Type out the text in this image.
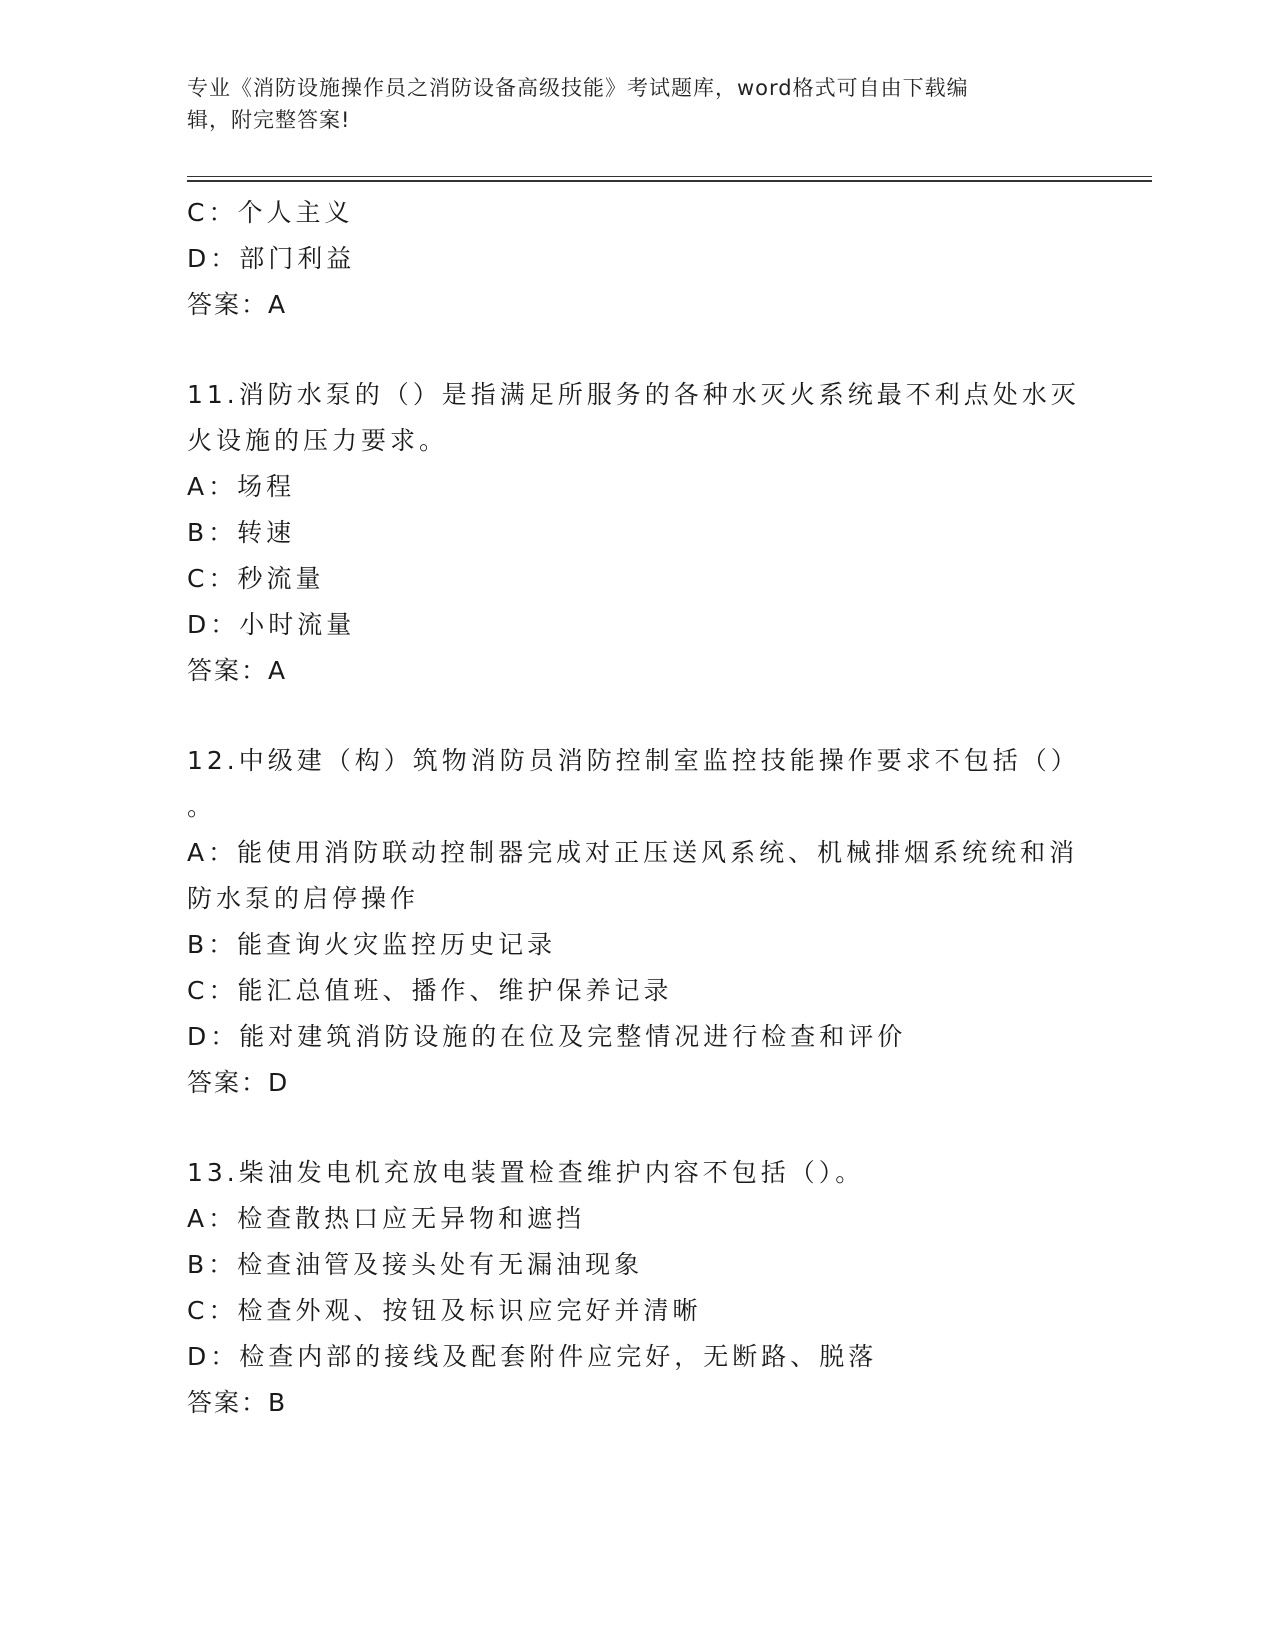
专业《消防设施操作员之消防设备高级技能》考试题库，word格式可自由下载编
辑，附完整答案!
C：个人主义
D：部门利益
答案：A
11.消防水泵的（）是指满足所服务的各种水灭火系统最不利点处水灭
火设施的压力要求。
A：场程
B：转速
C：秒流量
D：小时流量
答案：A
12.中级建（构）筑物消防员消防控制室监控技能操作要求不包括（）
。
A：能使用消防联动控制器完成对正压送风系统、机械排烟系统统和消
防水泵的启停操作
B：能查询火灾监控历史记录
C：能汇总值班、播作、维护保养记录
D：能对建筑消防设施的在位及完整情况进行检查和评价
答案：D
13.柴油发电机充放电装置检查维护内容不包括（）。
A：检查散热口应无异物和遮挡
B：检查油管及接头处有无漏油现象
C：检查外观、按钮及标识应完好并清晰
D：检查内部的接线及配套附件应完好，无断路、脱落
答案：B
